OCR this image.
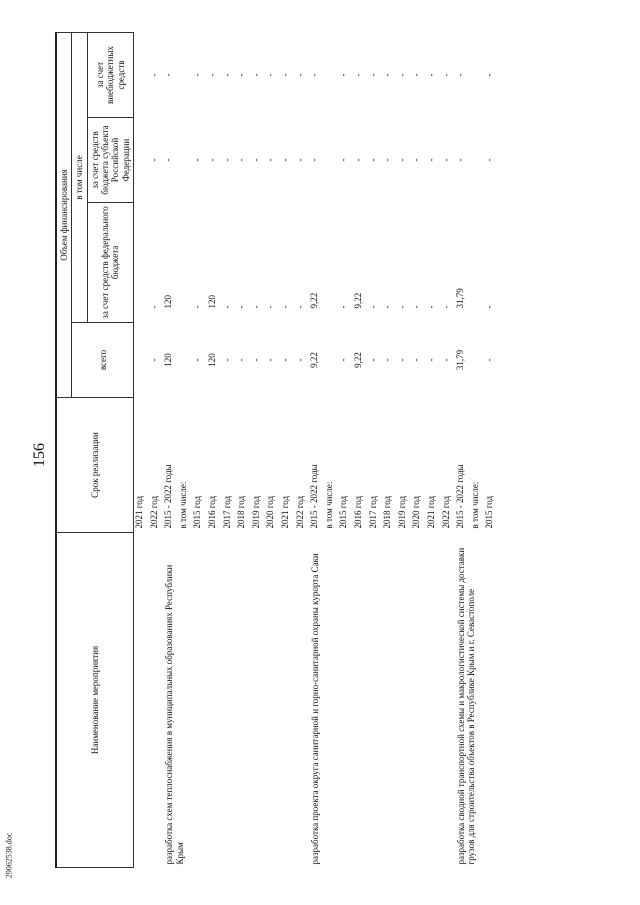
156
Наименование мероприятия	Срок реализации	Объем финансирования			
		всего	в том числе		
			за счет средств федерального бюджета	за счет средств бюджета субъекта Российской Федерации	за счет внебюджетных средств

	2021 год				

	2022 год	-	-	-	-

разработка схем теплоснабжения в муниципальных образованиях Республики Крым	2015 - 2022 годы	120	120	-	-

	в том числе:				

	2015 год	-	-	-	-

	2016 год	120	120	-	-

	2017 год	-	-	-	-

	2018 год	-	-	-	-

	2019 год	-	-	-	-

	2020 год	-	-	-	-

	2021 год	-	-	-	-

	2022 год	-	-	-	-

разработка проекта округа санитарной и горно-санитарной охраны курорта Саки	2015 - 2022 годы	9,22	9,22	-	-

	в том числе:				

	2015 год	-	-	-	-

	2016 год	9,22	9,22	-	-

	2017 год	-	-	-	-

	2018 год	-	-	-	-

	2019 год	-	-	-	-

	2020 год	-	-	-	-

	2021 год	-	-	-	-

	2022 год	-	-	-	-

разработка сводной транспортной схемы и макрологистической системы доставки грузов для строительства объектов в Республике Крым и г. Севастополе	2015 - 2022 годы	31,79	31,79	-	-

	в том числе:				

	2015 год	-	-	-	-
29062538.doc
